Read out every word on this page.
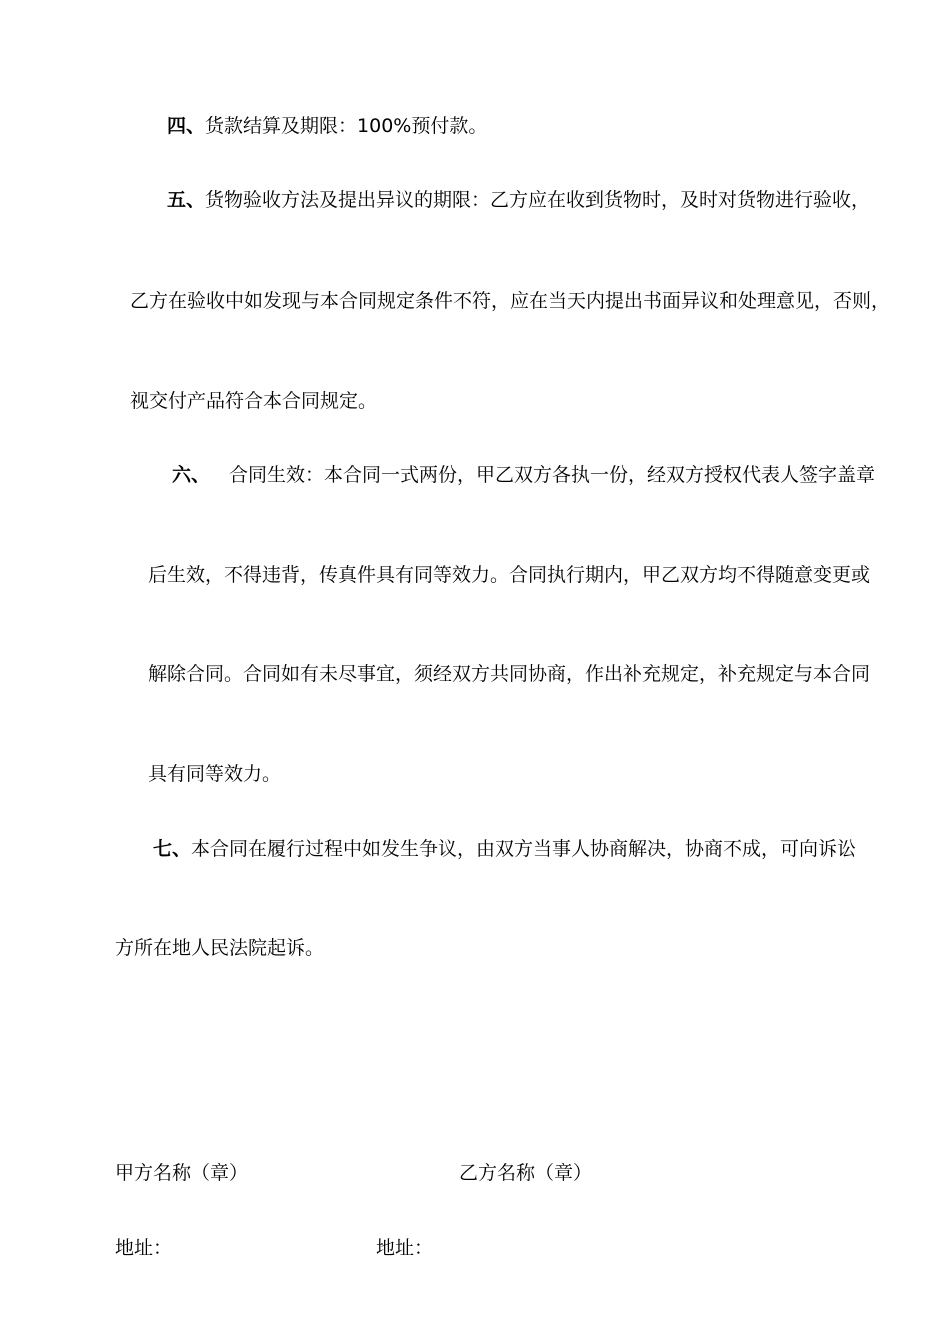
四、货款结算及期限：100%预付款。

五、货物验收方法及提出异议的期限：乙方应在收到货物时，及时对货物进行验收，

乙方在验收中如发现与本合同规定条件不符，应在当天内提出书面异议和处理意见，否则，

视交付产品符合本合同规定。

六、 合同生效：本合同一式两份，甲乙双方各执一份，经双方授权代表人签字盖章

后生效，不得违背，传真件具有同等效力。合同执行期内，甲乙双方均不得随意变更或

解除合同。合同如有未尽事宜，须经双方共同协商，作出补充规定，补充规定与本合同

具有同等效力。

七、本合同在履行过程中如发生争议，由双方当事人协商解决，协商不成，可向诉讼

方所在地人民法院起诉。

甲方名称（章）	乙方名称（章）

地址：	地址：
